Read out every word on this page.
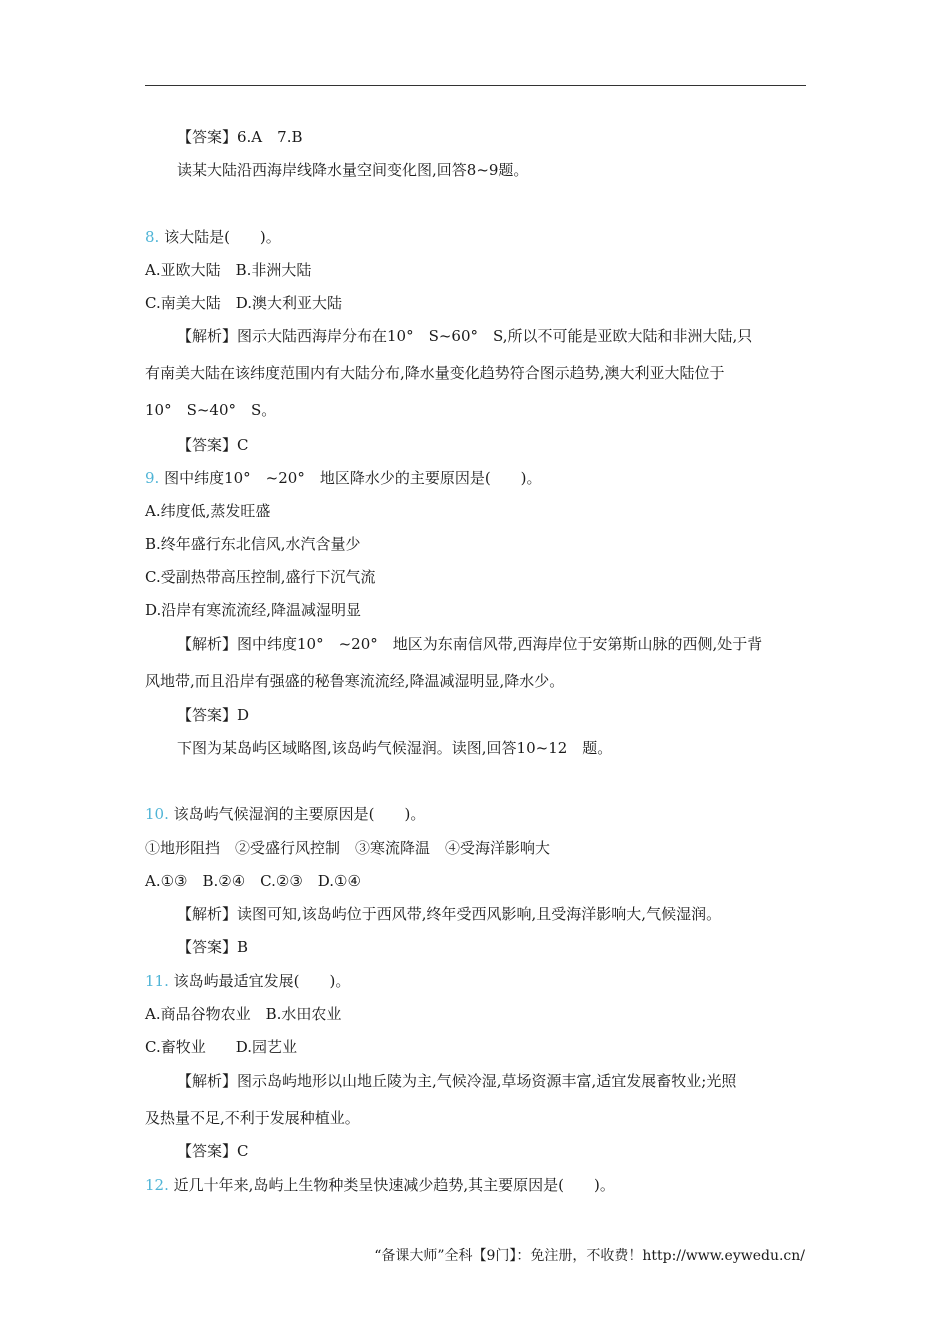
【答案】6.A　7.B
读某大陆沿西海岸线降水量空间变化图,回答8~9题。
8. 该大陆是(　　)。
A.亚欧大陆　B.非洲大陆
C.南美大陆　D.澳大利亚大陆
【解析】图示大陆西海岸分布在10°　S~60°　S,所以不可能是亚欧大陆和非洲大陆,只
有南美大陆在该纬度范围内有大陆分布,降水量变化趋势符合图示趋势,澳大利亚大陆位于
10°　S~40°　S。
【答案】C
9. 图中纬度10°　~20°　地区降水少的主要原因是(　　)。
A.纬度低,蒸发旺盛
B.终年盛行东北信风,水汽含量少
C.受副热带高压控制,盛行下沉气流
D.沿岸有寒流流经,降温减湿明显
【解析】图中纬度10°　~20°　地区为东南信风带,西海岸位于安第斯山脉的西侧,处于背
风地带,而且沿岸有强盛的秘鲁寒流流经,降温减湿明显,降水少。
【答案】D
下图为某岛屿区域略图,该岛屿气候湿润。读图,回答10~12　题。
10. 该岛屿气候湿润的主要原因是(　　)。
①地形阻挡　②受盛行风控制　③寒流降温　④受海洋影响大
A.①③　B.②④　C.②③　D.①④
【解析】读图可知,该岛屿位于西风带,终年受西风影响,且受海洋影响大,气候湿润。
【答案】B
11. 该岛屿最适宜发展(　　)。
A.商品谷物农业　B.水田农业
C.畜牧业　　D.园艺业
【解析】图示岛屿地形以山地丘陵为主,气候冷湿,草场资源丰富,适宜发展畜牧业;光照
及热量不足,不利于发展种植业。
【答案】C
12. 近几十年来,岛屿上生物种类呈快速减少趋势,其主要原因是(　　)。
“备课大师”全科【9门】：免注册，不收费！http://www.eywedu.cn/
